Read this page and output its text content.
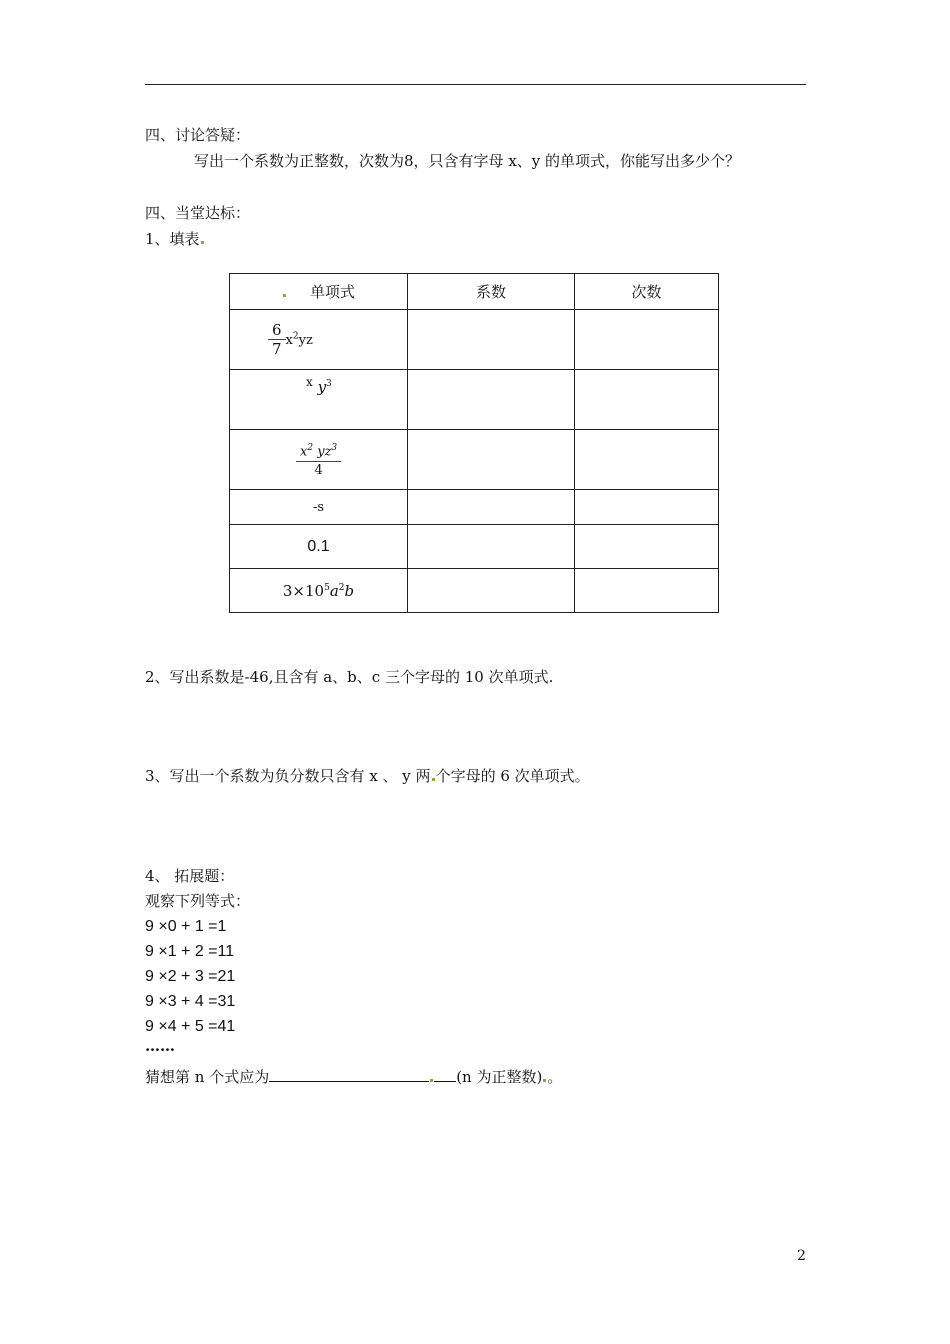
四、讨论答疑：
写出一个系数为正整数，次数为8，只含有字母 x、y 的单项式，你能写出多少个？
四、当堂达标：
1、填表
单项式	系数	次数

$\frac{6}{7} x^2yz$		
$^x$ $y^3$		

$\frac{x^2 yz^3}{4}$

-s		
0.1		
$3\times 10^5a^2b$		
2、写出系数是-46,且含有 a、b、c 三个字母的 10 次单项式.
3、写出一个系数为负分数只含有 x 、 y 两 个字母的 6 次单项式。
4、 拓展题：
观察下列等式：
9 ×0 + 1 =1
9 ×1 + 2 =11
9 ×2 + 3 =21
9 ×3 + 4 =31
9 ×4 + 5 =41
……
猜想第 n 个式应为	(n 为正整数) 。
2
